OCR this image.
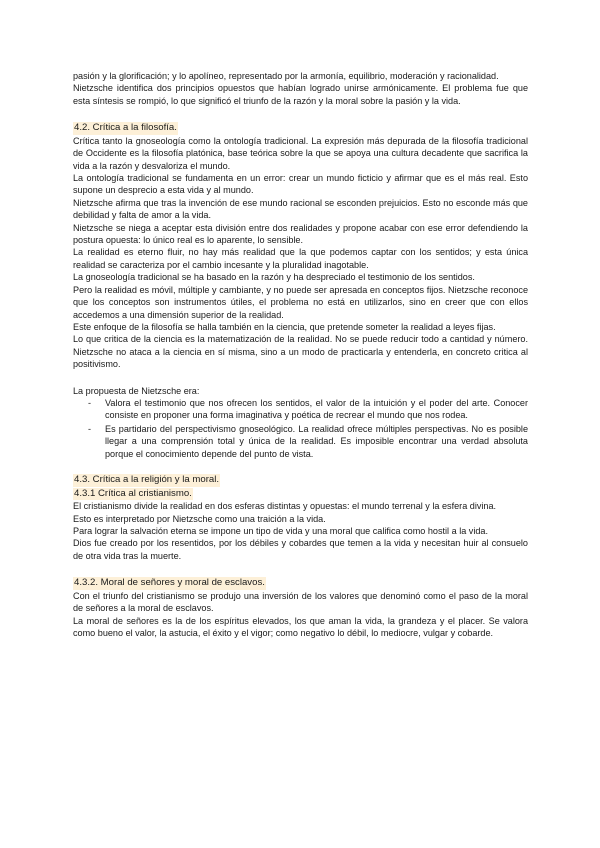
pasión y la glorificación; y lo apolíneo, representado por la armonía, equilibrio, moderación y racionalidad.

Nietzsche identifica dos principios opuestos que habían logrado unirse armónicamente. El problema fue que esta síntesis se rompió, lo que significó el triunfo de la razón y la moral sobre la pasión y la vida.

4.2. Crítica a la filosofía.

Crítica tanto la gnoseología como la ontología tradicional. La expresión más depurada de la filosofía tradicional de Occidente es la filosofía platónica, base teórica sobre la que se apoya una cultura decadente que sacrifica la vida a la razón y desvaloriza el mundo.

La ontología tradicional se fundamenta en un error: crear un mundo ficticio y afirmar que es el más real. Esto supone un desprecio a esta vida y al mundo.

Nietzsche afirma que tras la invención de ese mundo racional se esconden prejuicios. Esto no esconde más que debilidad y falta de amor a la vida.

Nietzsche se niega a aceptar esta división entre dos realidades y propone acabar con ese error defendiendo la postura opuesta: lo único real es lo aparente, lo sensible.

La realidad es eterno fluir, no hay más realidad que la que podemos captar con los sentidos; y esta única realidad se caracteriza por el cambio incesante y la pluralidad inagotable.

La gnoseología tradicional se ha basado en la razón y ha despreciado el testimonio de los sentidos.

Pero la realidad es móvil, múltiple y cambiante, y no puede ser apresada en conceptos fijos. Nietzsche reconoce que los conceptos son instrumentos útiles, el problema no está en utilizarlos, sino en creer que con ellos accedemos a una dimensión superior de la realidad.

Este enfoque de la filosofía se halla también en la ciencia, que pretende someter la realidad a leyes fijas.

Lo que critica de la ciencia es la matematización de la realidad. No se puede reducir todo a cantidad y número. Nietzsche no ataca a la ciencia en sí misma, sino a un modo de practicarla y entenderla, en concreto critica al positivismo.

La propuesta de Nietzsche era:

- Valora el testimonio que nos ofrecen los sentidos, el valor de la intuición y el poder del arte. Conocer consiste en proponer una forma imaginativa y poética de recrear el mundo que nos rodea.
- Es partidario del perspectivismo gnoseológico. La realidad ofrece múltiples perspectivas. No es posible llegar a una comprensión total y única de la realidad. Es imposible encontrar una verdad absoluta porque el conocimiento depende del punto de vista.
4.3. Crítica a la religión y la moral.
4.3.1 Crítica al cristianismo.

El cristianismo divide la realidad en dos esferas distintas y opuestas: el mundo terrenal y la esfera divina.

Esto es interpretado por Nietzsche como una traición a la vida.

Para lograr la salvación eterna se impone un tipo de vida y una moral que califica como hostil a la vida.

Dios fue creado por los resentidos, por los débiles y cobardes que temen a la vida y necesitan huir al consuelo de otra vida tras la muerte.

4.3.2. Moral de señores y moral de esclavos.

Con el triunfo del cristianismo se produjo una inversión de los valores que denominó como el paso de la moral de señores a la moral de esclavos.

La moral de señores es la de los espíritus elevados, los que aman la vida, la grandeza y el placer. Se valora como bueno el valor, la astucia, el éxito y el vigor; como negativo lo débil, lo mediocre, vulgar y cobarde.
